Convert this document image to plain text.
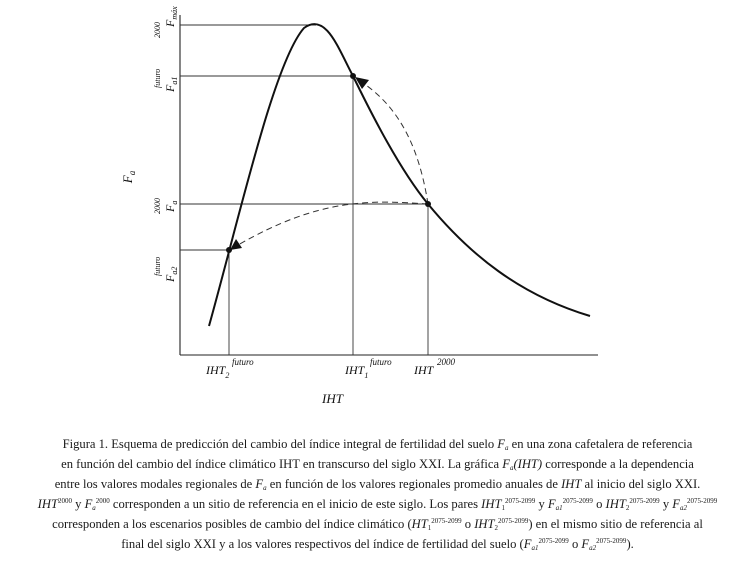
$F_a$
$F_{máx}$
2000
$F_{a1}$
futuro
$F_a$
2000
$F_{a2}$
futuro
$IHT_2$
futuro
$IHT_1$
futuro
IHT
2000
IHT
Figura 1. Esquema de predicción del cambio del índice integral de fertilidad del suelo $F_a$ en una zona cafetalera de referencia
en función del cambio del índice climático IHT en transcurso del siglo XXI. La gráfica $F_a(IHT)$ corresponde a la dependencia
entre los valores modales regionales de $F_a$ en función de los valores regionales promedio anuales de IHT al inicio del siglo XXI.
$IHT^{2000}$ y $F_a^{2000}$ corresponden a un sitio de referencia en el inicio de este siglo. Los pares $IHT_1^{2075-2099}$ y $F_{a1}^{2075-2099}$ o $IHT_2^{2075-2099}$ y $F_{a2}^{2075-2099}$
corresponden a los escenarios posibles de cambio del índice climático ($HT_1^{2075-2099}$ o $IHT_2^{2075-2099}$) en el mismo sitio de referencia al
final del siglo XXI y a los valores respectivos del índice de fertilidad del suelo ($F_{a1}^{2075-2099}$ o $F_{a2}^{2075-2099}$).
